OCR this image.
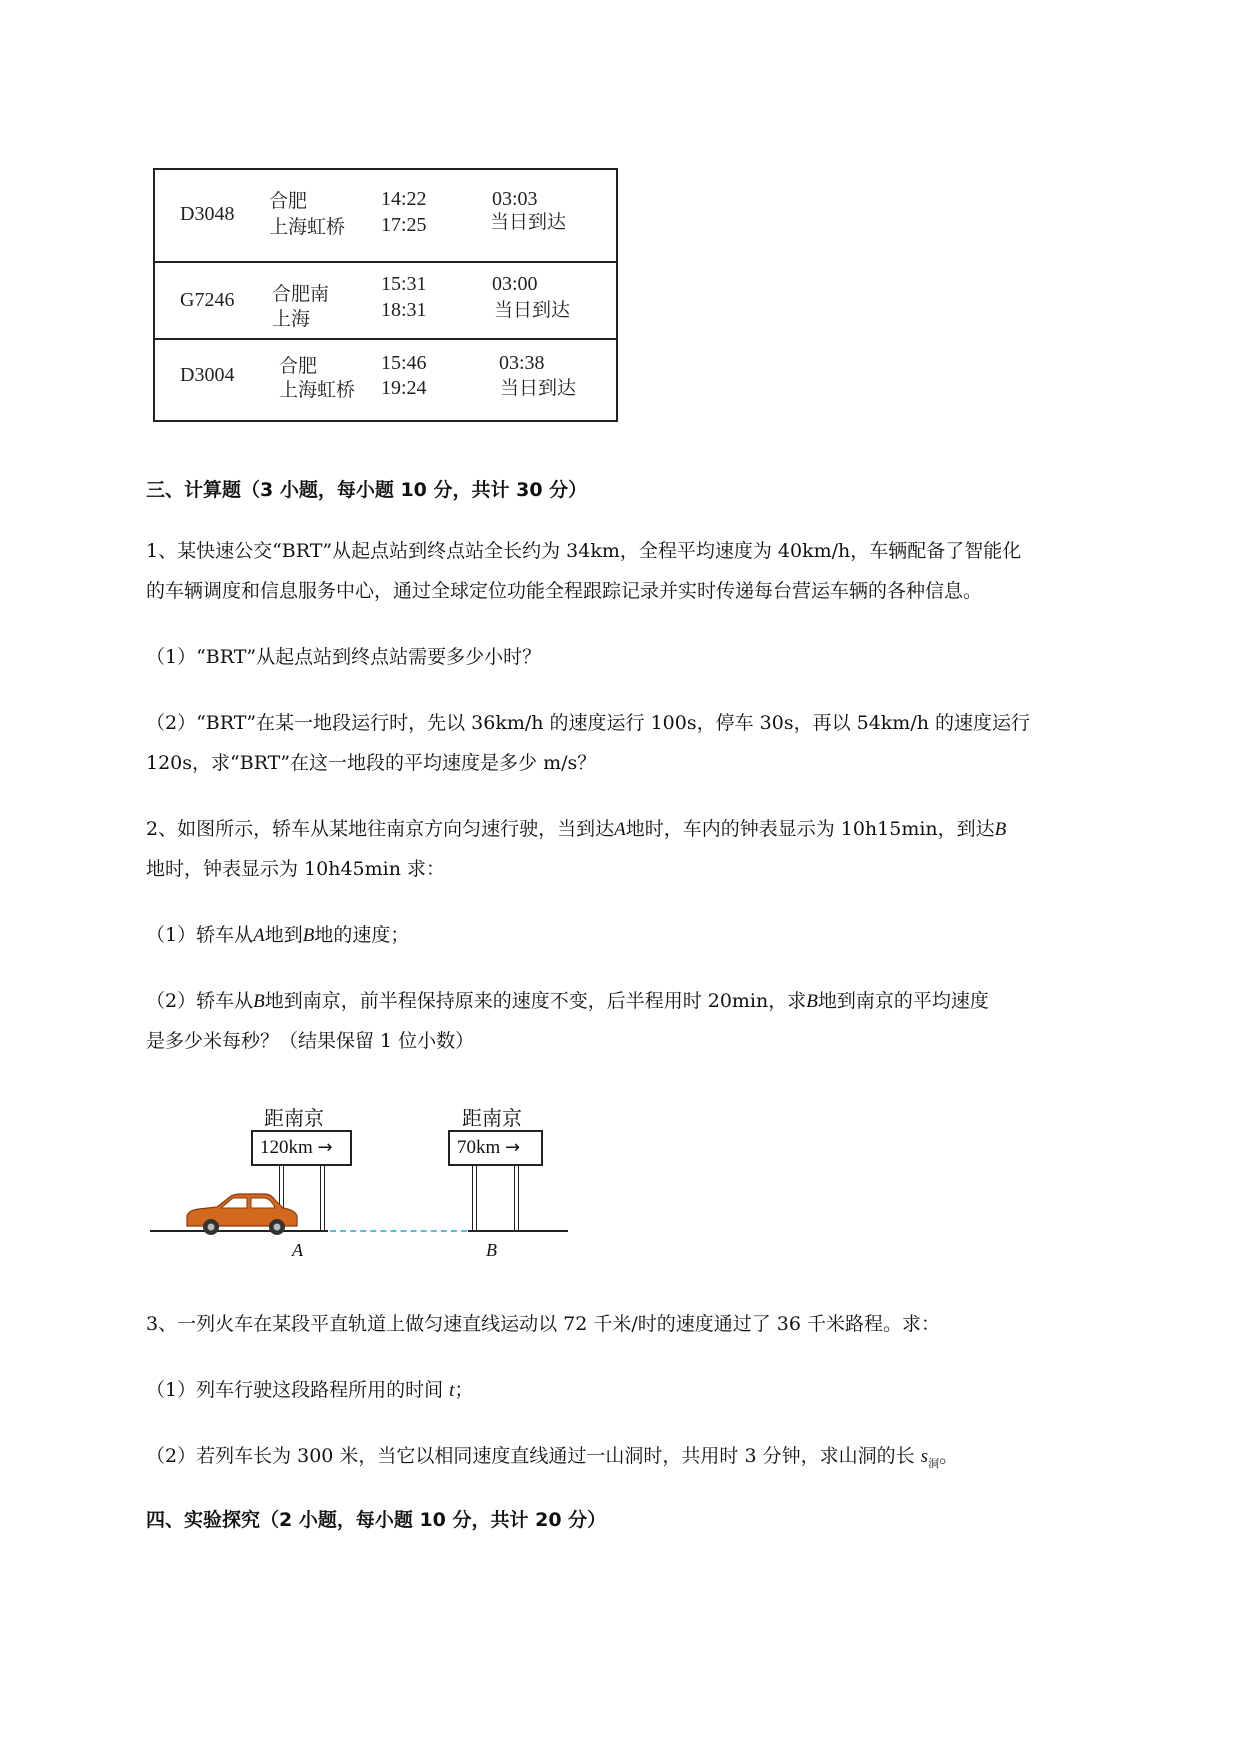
D3048
合肥
上海虹桥
14:22
17:25
03:03
当日到达
G7246 合肥南
上海
15:31
18:31
03:00
当日到达
D3004 合肥
上海虹桥
15:46
19:24
03:38
当日到达
三、计算题（3 小题，每小题 10 分，共计 30 分）
1、某快速公交“BRT”从起点站到终点站全长约为 34km，全程平均速度为 40km/h，车辆配备了智能化
的车辆调度和信息服务中心，通过全球定位功能全程跟踪记录并实时传递每台营运车辆的各种信息。
（1）“BRT”从起点站到终点站需要多少小时？
（2）“BRT”在某一地段运行时，先以 36km/h 的速度运行 100s，停车 30s，再以 54km/h 的速度运行
120s，求“BRT”在这一地段的平均速度是多少 m/s？
2、如图所示，轿车从某地往南京方向匀速行驶，当到达A地时，车内的钟表显示为 10h15min，到达B
地时，钟表显示为 10h45min 求：
（1）轿车从A地到B地的速度；
（2）轿车从B地到南京，前半程保持原来的速度不变，后半程用时 20min，求B地到南京的平均速度
是多少米每秒？（结果保留 1 位小数）
距南京
120km →
距南京
70km →
A	B
3、一列火车在某段平直轨道上做匀速直线运动以 72 千米/时的速度通过了 36 千米路程。求：
（1）列车行驶这段路程所用的时间 t；
（2）若列车长为 300 米，当它以相同速度直线通过一山洞时，共用时 3 分钟，求山洞的长 $s_洞$。
四、实验探究（2 小题，每小题 10 分，共计 20 分）
